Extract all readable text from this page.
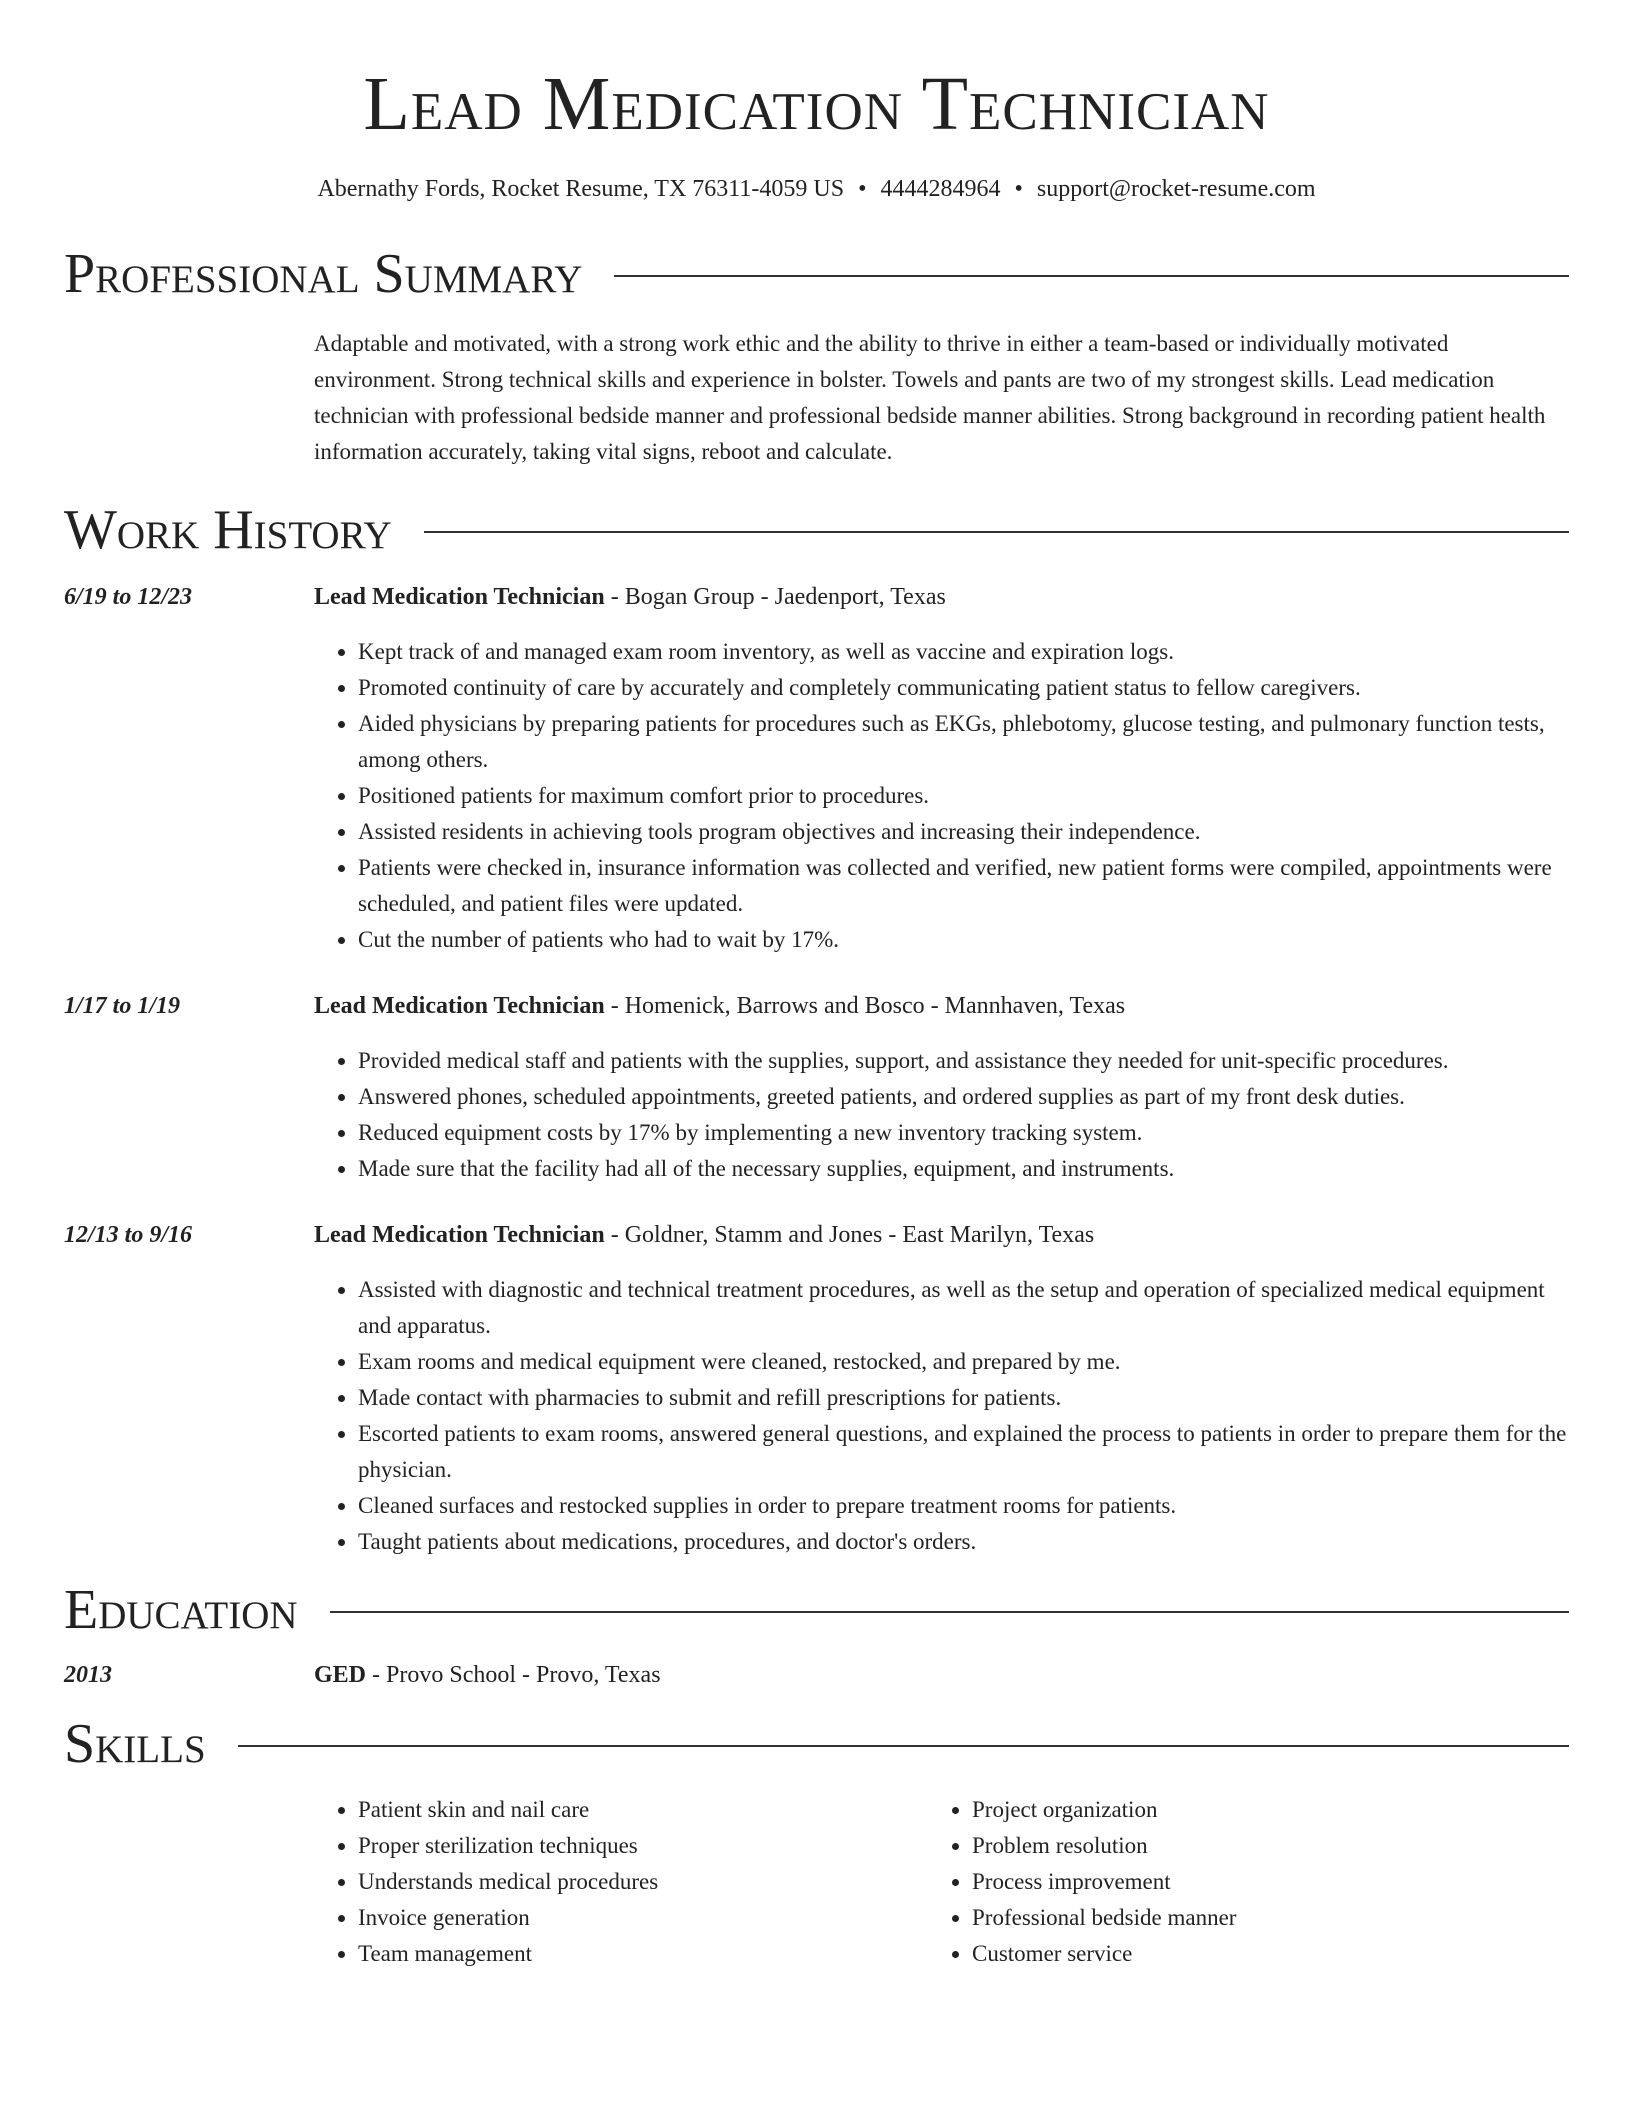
Lead Medication Technician
Abernathy Fords, Rocket Resume, TX 76311-4059 US • 4444284964 • support@rocket-resume.com
Professional Summary

Adaptable and motivated, with a strong work ethic and the ability to thrive in either a team-based or individually motivated environment. Strong technical skills and experience in bolster. Towels and pants are two of my strongest skills. Lead medication technician with professional bedside manner and professional bedside manner abilities. Strong background in recording patient health information accurately, taking vital signs, reboot and calculate.

Work History
6/19 to 12/23	Lead Medication Technician - Bogan Group - Jaedenport, Texas
• Kept track of and managed exam room inventory, as well as vaccine and expiration logs.
• Promoted continuity of care by accurately and completely communicating patient status to fellow caregivers.
• Aided physicians by preparing patients for procedures such as EKGs, phlebotomy, glucose testing, and pulmonary function tests, among others.
• Positioned patients for maximum comfort prior to procedures.
• Assisted residents in achieving tools program objectives and increasing their independence.
• Patients were checked in, insurance information was collected and verified, new patient forms were compiled, appointments were scheduled, and patient files were updated.
• Cut the number of patients who had to wait by 17%.
1/17 to 1/19	Lead Medication Technician - Homenick, Barrows and Bosco - Mannhaven, Texas
• Provided medical staff and patients with the supplies, support, and assistance they needed for unit-specific procedures.
• Answered phones, scheduled appointments, greeted patients, and ordered supplies as part of my front desk duties.
• Reduced equipment costs by 17% by implementing a new inventory tracking system.
• Made sure that the facility had all of the necessary supplies, equipment, and instruments.
12/13 to 9/16	Lead Medication Technician - Goldner, Stamm and Jones - East Marilyn, Texas
• Assisted with diagnostic and technical treatment procedures, as well as the setup and operation of specialized medical equipment and apparatus.
• Exam rooms and medical equipment were cleaned, restocked, and prepared by me.
• Made contact with pharmacies to submit and refill prescriptions for patients.
• Escorted patients to exam rooms, answered general questions, and explained the process to patients in order to prepare them for the physician.
• Cleaned surfaces and restocked supplies in order to prepare treatment rooms for patients.
• Taught patients about medications, procedures, and doctor's orders.
Education
2013	GED - Provo School - Provo, Texas
Skills
• Patient skin and nail care
• Proper sterilization techniques
• Understands medical procedures
• Invoice generation
• Team management
• Project organization
• Problem resolution
• Process improvement
• Professional bedside manner
• Customer service
